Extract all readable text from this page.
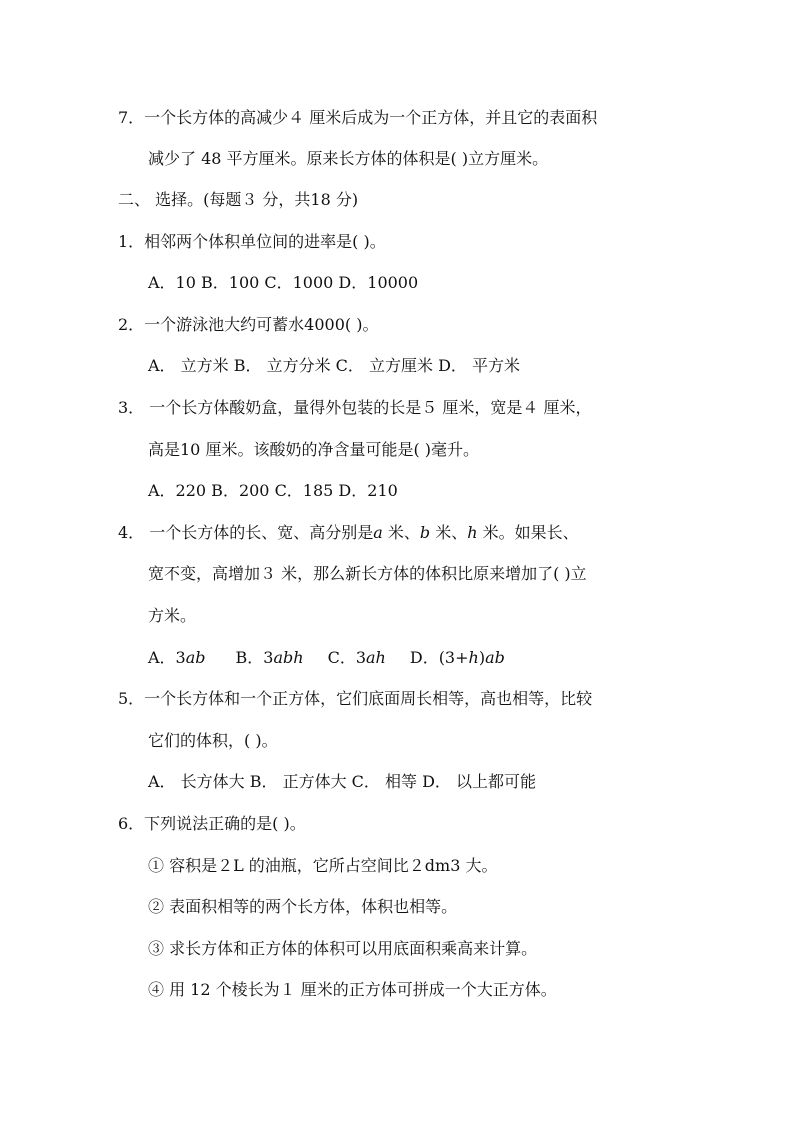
7．一个长方体的高减少４ 厘米后成为一个正方体，并且它的表面积
减少了 48 平方厘米。原来长方体的体积是( )立方厘米。
二、 选择。(每题３ 分，共18 分)
1．相邻两个体积单位间的进率是( )。
A．10 B．100 C．1000 D．10000
2．一个游泳池大约可蓄水4000( )。
A． 立方米 B． 立方分米 C． 立方厘米 D． 平方米
3． 一个长方体酸奶盒，量得外包装的长是５ 厘米，宽是４ 厘米，
高是10 厘米。该酸奶的净含量可能是( )毫升。
A．220 B．200 C．185 D．210
4． 一个长方体的长、宽、高分别是a 米、b 米、h 米。如果长、
宽不变，高增加３ 米，那么新长方体的体积比原来增加了( )立
方米。
A．3ab B．3abh C．3ah D．(3+h)ab
5．一个长方体和一个正方体，它们底面周长相等，高也相等，比较
它们的体积，( )。
A． 长方体大 B． 正方体大 C． 相等 D． 以上都可能
6．下列说法正确的是( )。
① 容积是２L 的油瓶，它所占空间比２dm3 大。
② 表面积相等的两个长方体，体积也相等。
③ 求长方体和正方体的体积可以用底面积乘高来计算。
④ 用 12 个棱长为１ 厘米的正方体可拼成一个大正方体。
